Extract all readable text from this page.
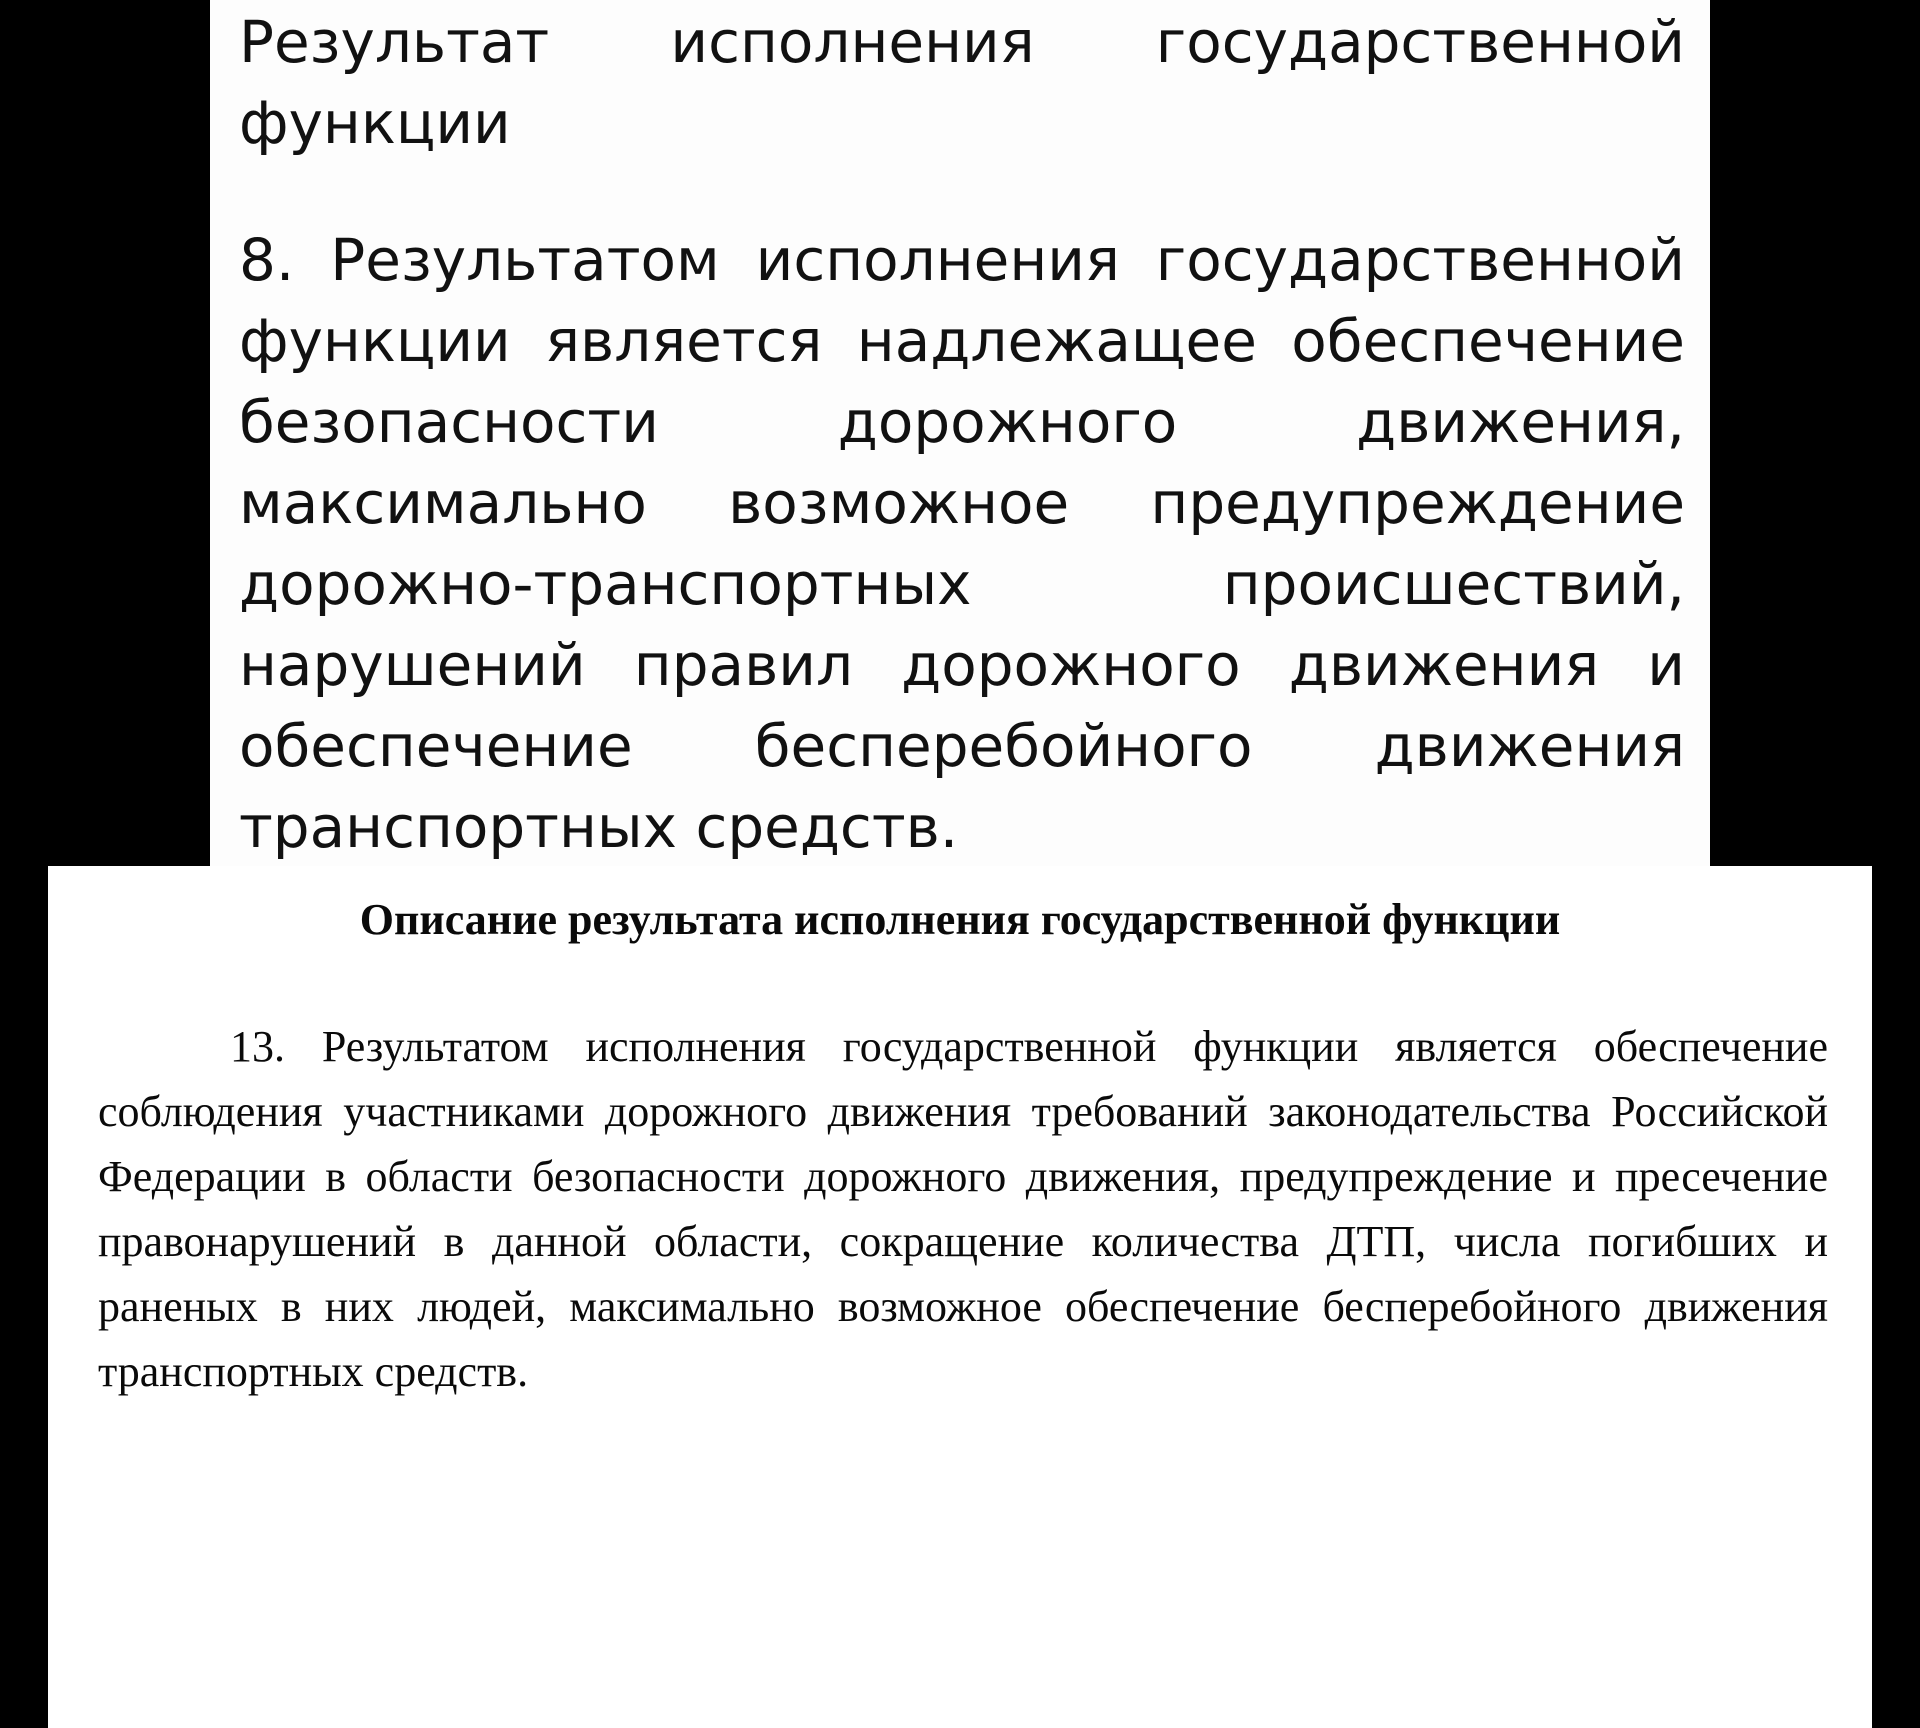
Результат исполнения государственной функции
8. Результатом исполнения государственной функции является надлежащее обеспечение безопасности дорожного движения, максимально возможное предупреждение дорожно-транспортных происшествий, нарушений правил дорожного движения и обеспечение бесперебойного движения транспортных средств.
Описание результата исполнения государственной функции
13. Результатом исполнения государственной функции является обеспечение соблюдения участниками дорожного движения требований законодательства Российской Федерации в области безопасности дорожного движения, предупреждение и пресечение правонарушений в данной области, сокращение количества ДТП, числа погибших и раненых в них людей, максимально возможное обеспечение бесперебойного движения транспортных средств.
